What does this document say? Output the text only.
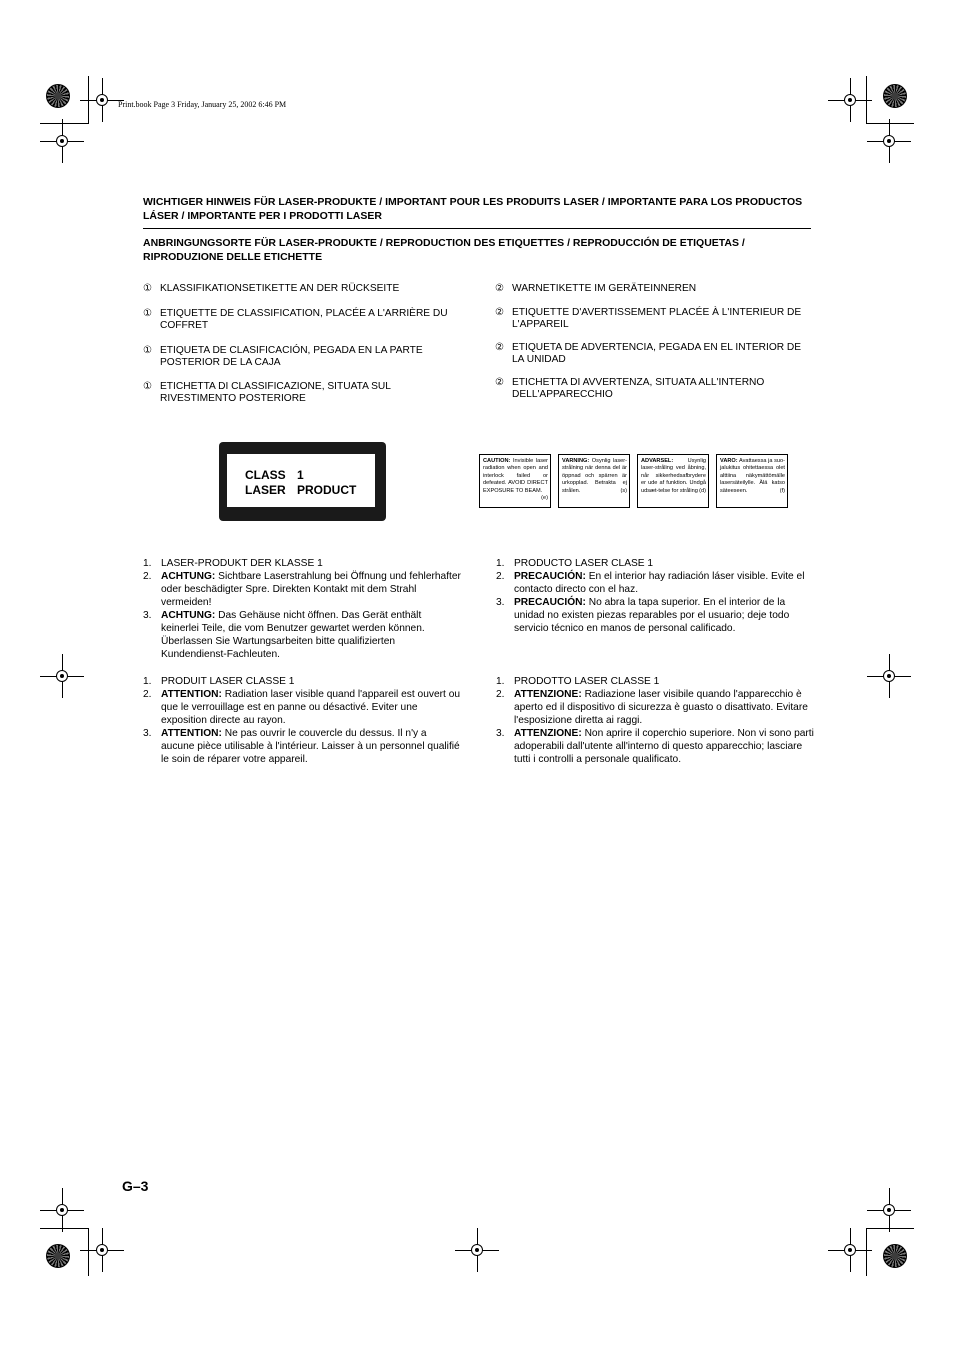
Print.book Page 3 Friday, January 25, 2002 6:46 PM
WICHTIGER HINWEIS FÜR LASER-PRODUKTE / IMPORTANT POUR LES PRODUITS LASER / IMPORTANTE PARA LOS PRODUCTOS LÁSER / IMPORTANTE PER I PRODOTTI LASER
ANBRINGUNGSORTE FÜR LASER-PRODUKTE / REPRODUCTION DES ETIQUETTES / REPRODUCCIÓN DE ETIQUETAS / RIPRODUZIONE DELLE ETICHETTE
① KLASSIFIKATIONSETIKETTE AN DER RÜCKSEITE
① ETIQUETTE DE CLASSIFICATION, PLACÉE A L'ARRIÈRE DU COFFRET
① ETIQUETA DE CLASIFICACIÓN, PEGADA EN LA PARTE POSTERIOR DE LA CAJA
① ETICHETTA DI CLASSIFICAZIONE, SITUATA SUL RIVESTIMENTO POSTERIORE
② WARNETIKETTE IM GERÄTEINNEREN
② ETIQUETTE D'AVERTISSEMENT PLACÉE À L'INTERIEUR DE L'APPAREIL
② ETIQUETA DE ADVERTENCIA, PEGADA EN EL INTERIOR DE LA UNIDAD
② ETICHETTA DI AVVERTENZA, SITUATA ALL'INTERNO DELL'APPARECCHIO
CLASS 1
LASER PRODUCT
CAUTION: Invisible laser radiation when open and interlock failed or defeated. AVOID DIRECT EXPOSURE TO BEAM.
(e)
VARNING: Osynlig laser-strålning när denna del är öppnad och spärren är urkopplad. Betrakta ej strålen.	(s)
ADVARSEL:	Usynlig laser-stråling ved åbning, når sikkerhedsafbrydere er ude af funktion. Undgå udsæt-telse for stråling (d)
VARO: Avattaessa ja suo-jalukitus ohitettaessa olet alttiina näkymättömälle lasersäteilylle. Älä katso säteeseen.	(f)
1. LASER-PRODUKT DER KLASSE 1
2. ACHTUNG: Sichtbare Laserstrahlung bei Öffnung und fehlerhafter oder beschädigter Spre. Direkten Kontakt mit dem Strahl vermeiden!
3. ACHTUNG: Das Gehäuse nicht öffnen. Das Gerät enthält keinerlei Teile, die vom Benutzer gewartet werden können. Überlassen Sie Wartungsarbeiten bitte qualifizierten Kundendienst-Fachleuten.
1. PRODUCTO LASER CLASE 1
2. PRECAUCIÓN: En el interior hay radiación láser visible. Evite el contacto directo con el haz.
3. PRECAUCIÓN: No abra la tapa superior. En el interior de la unidad no existen piezas reparables por el usuario; deje todo servicio técnico en manos de personal calificado.
1. PRODUIT LASER CLASSE 1
2. ATTENTION: Radiation laser visible quand l'appareil est ouvert ou que le verrouillage est en panne ou désactivé. Eviter une exposition directe au rayon.
3. ATTENTION: Ne pas ouvrir le couvercle du dessus. Il n'y a aucune pièce utilisable à l'intérieur. Laisser à un personnel qualifié le soin de réparer votre appareil.
1. PRODOTTO LASER CLASSE 1
2. ATTENZIONE: Radiazione laser visibile quando l'apparecchio è aperto ed il dispositivo di sicurezza è guasto o disattivato. Evitare l'esposizione diretta ai raggi.
3. ATTENZIONE: Non aprire il coperchio superiore. Non vi sono parti adoperabili dall'utente all'interno di questo apparecchio; lasciare tutti i controlli a personale qualificato.
G–3
